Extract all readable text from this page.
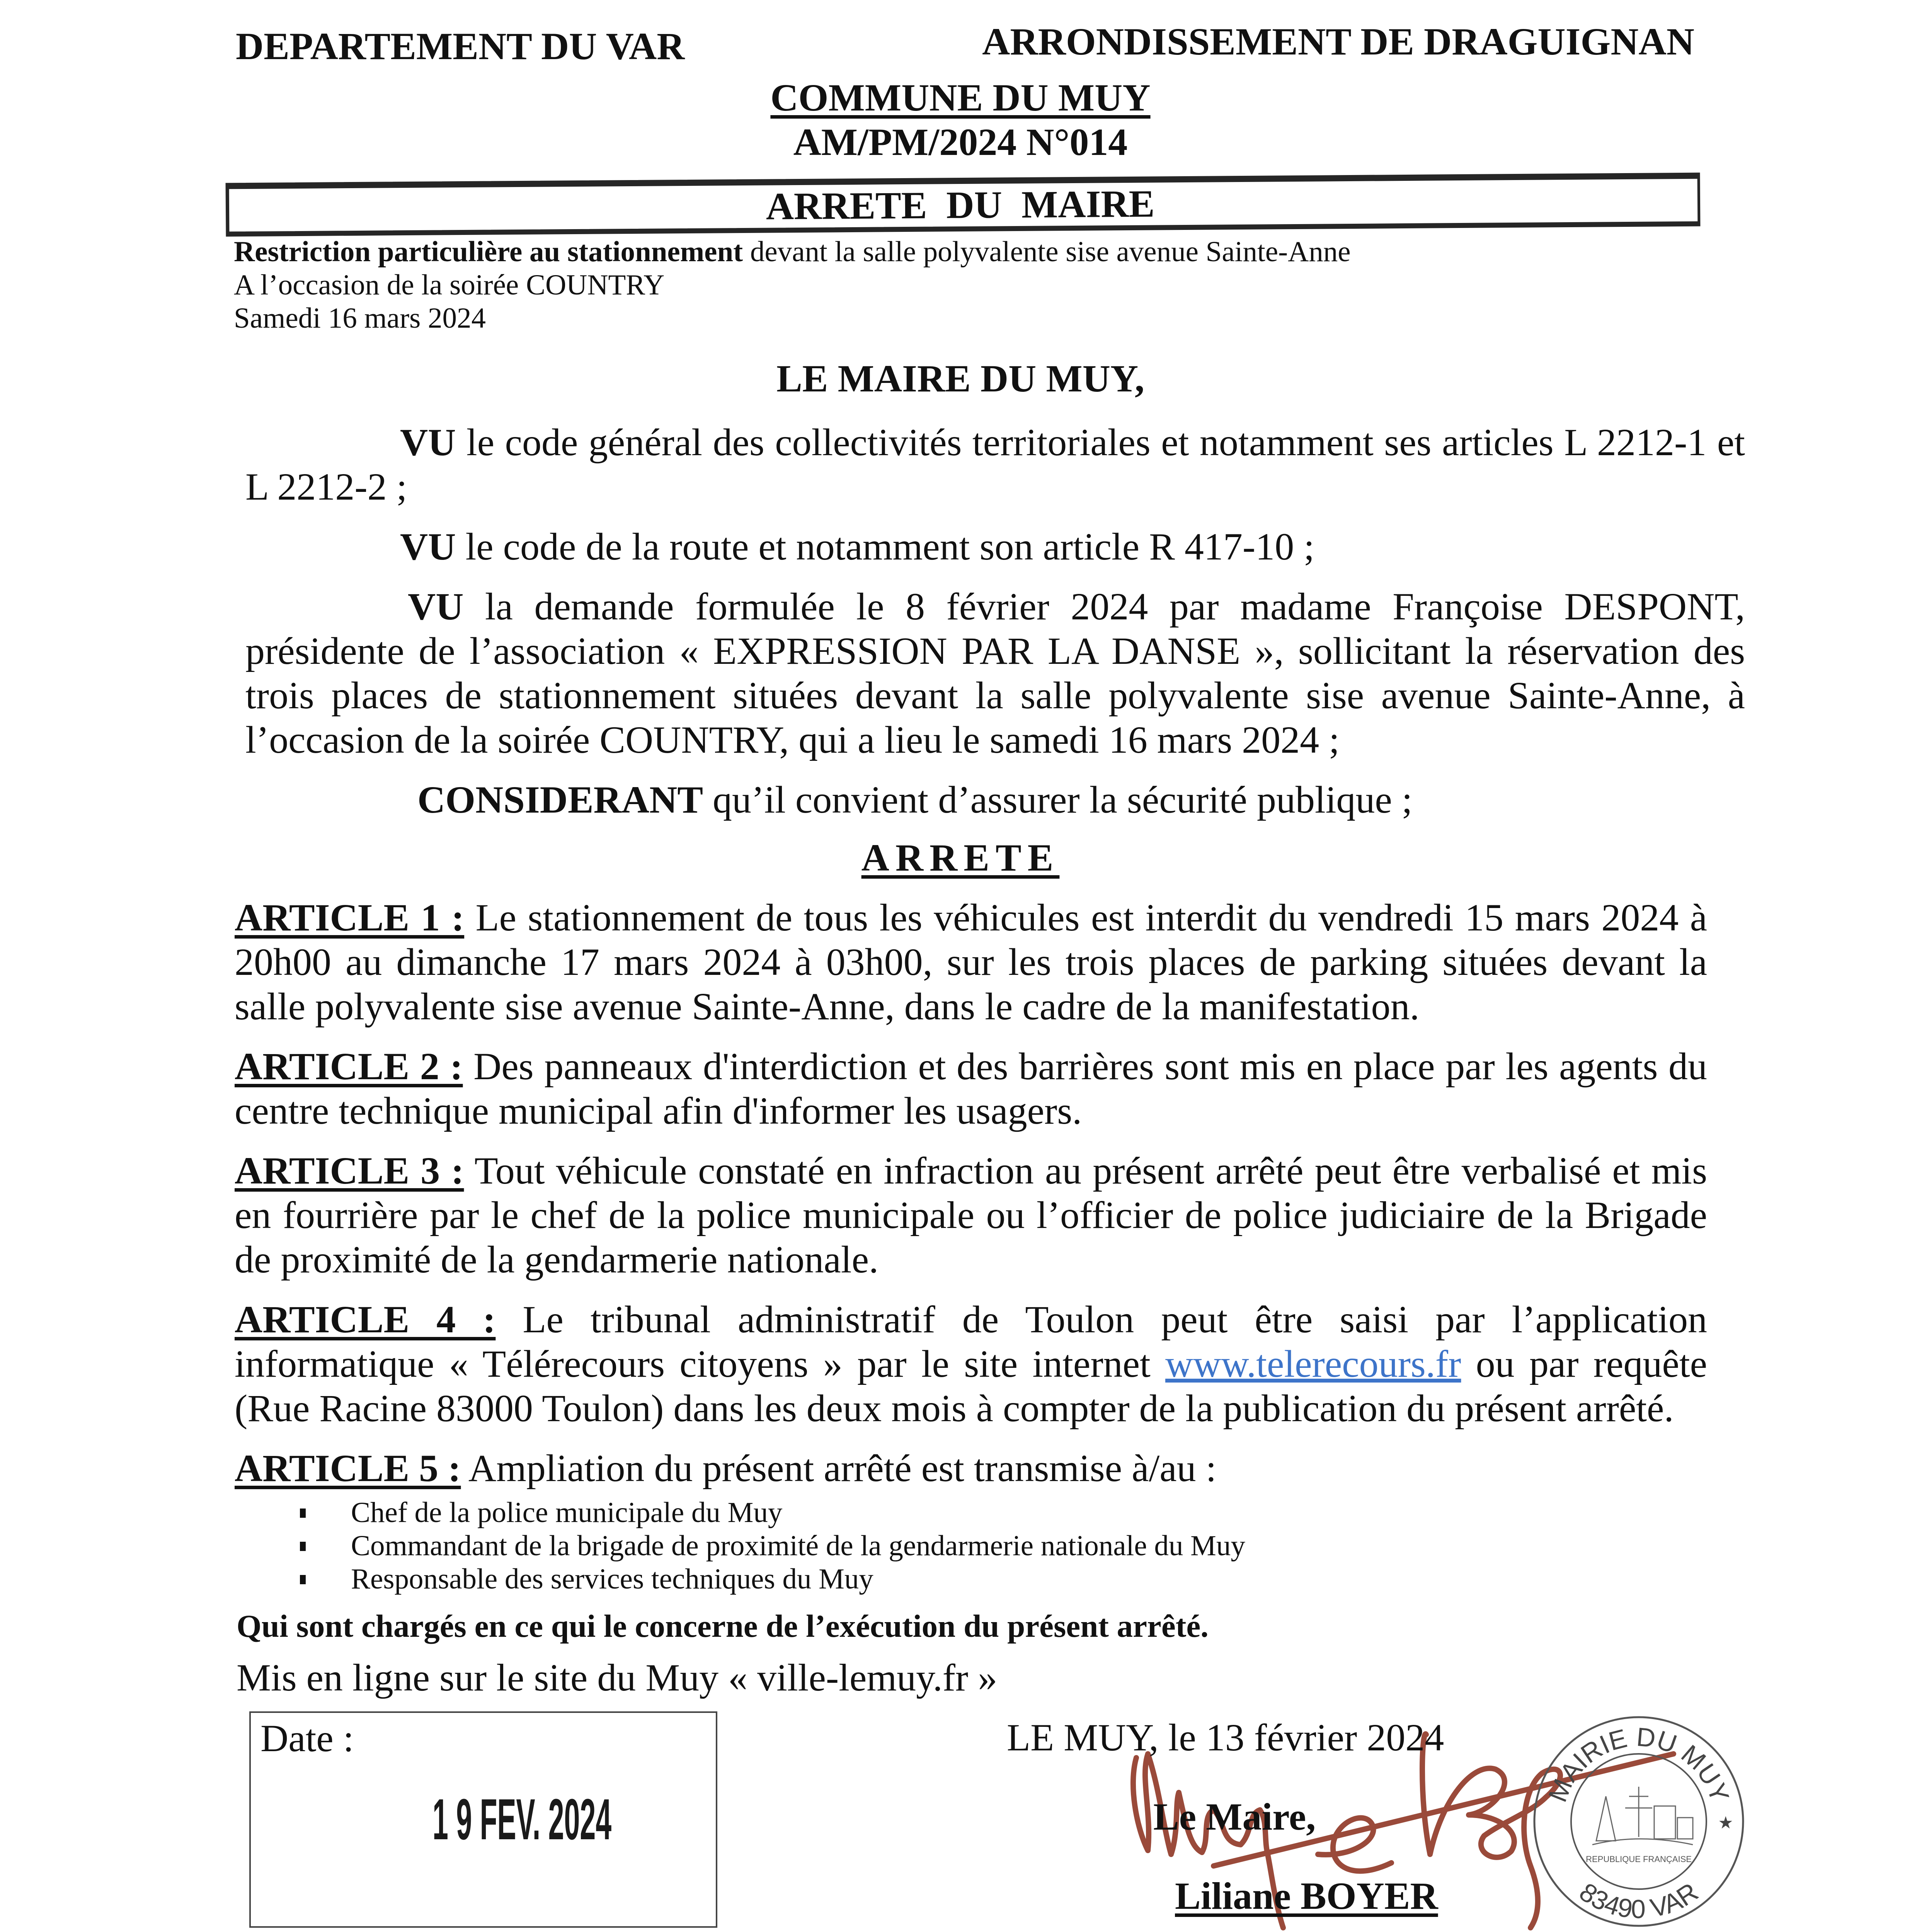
DEPARTEMENT DU VAR	ARRONDISSEMENT DE DRAGUIGNAN
COMMUNE DU MUY
AM/PM/2024 N°014
ARRETE  DU  MAIRE
Restriction particulière au stationnement devant la salle polyvalente sise avenue Sainte-Anne
A l’occasion de la soirée COUNTRY
Samedi 16 mars 2024
LE MAIRE DU MUY,
VU le code général des collectivités territoriales et notamment ses articles L 2212-1 et L 2212-2 ;
VU le code de la route et notamment son article R 417-10 ;
VU la demande formulée le 8 février 2024 par madame Françoise DESPONT, présidente de l’association « EXPRESSION PAR LA DANSE », sollicitant la réservation des trois places de stationnement situées devant la salle polyvalente sise avenue Sainte-Anne, à l’occasion de la soirée COUNTRY, qui a lieu le samedi 16 mars 2024 ;
CONSIDERANT qu’il convient d’assurer la sécurité publique ;
ARRETE
ARTICLE 1 : Le stationnement de tous les véhicules est interdit du vendredi 15 mars 2024 à 20h00 au dimanche 17 mars 2024 à 03h00, sur les trois places de parking situées devant la salle polyvalente sise avenue Sainte-Anne, dans le cadre de la manifestation.
ARTICLE 2 : Des panneaux d'interdiction et des barrières sont mis en place par les agents du centre technique municipal afin d'informer les usagers.
ARTICLE 3 : Tout véhicule constaté en infraction au présent arrêté peut être verbalisé et mis en fourrière par le chef de la police municipale ou l’officier de police judiciaire de la Brigade de proximité de la gendarmerie nationale.
ARTICLE 4 : Le tribunal administratif de Toulon peut être saisi par l’application informatique « Télérecours citoyens » par le site internet www.telerecours.fr ou par requête (Rue Racine 83000 Toulon) dans les deux mois à compter de la publication du présent arrêté.
ARTICLE 5 : Ampliation du présent arrêté est transmise à/au :
Chef de la police municipale du Muy
Commandant de la brigade de proximité de la gendarmerie nationale du Muy
Responsable des services techniques du Muy
Qui sont chargés en ce qui le concerne de l’exécution du présent arrêté.
Mis en ligne sur le site du Muy « ville-lemuy.fr »
Date :
1 9 FEV. 2024	MAIRIE DU MUY
83490 VAR
★
REPUBLIQUE FRANÇAISE
LE MUY, le 13 février 2024
Le Maire,
Liliane BOYER
